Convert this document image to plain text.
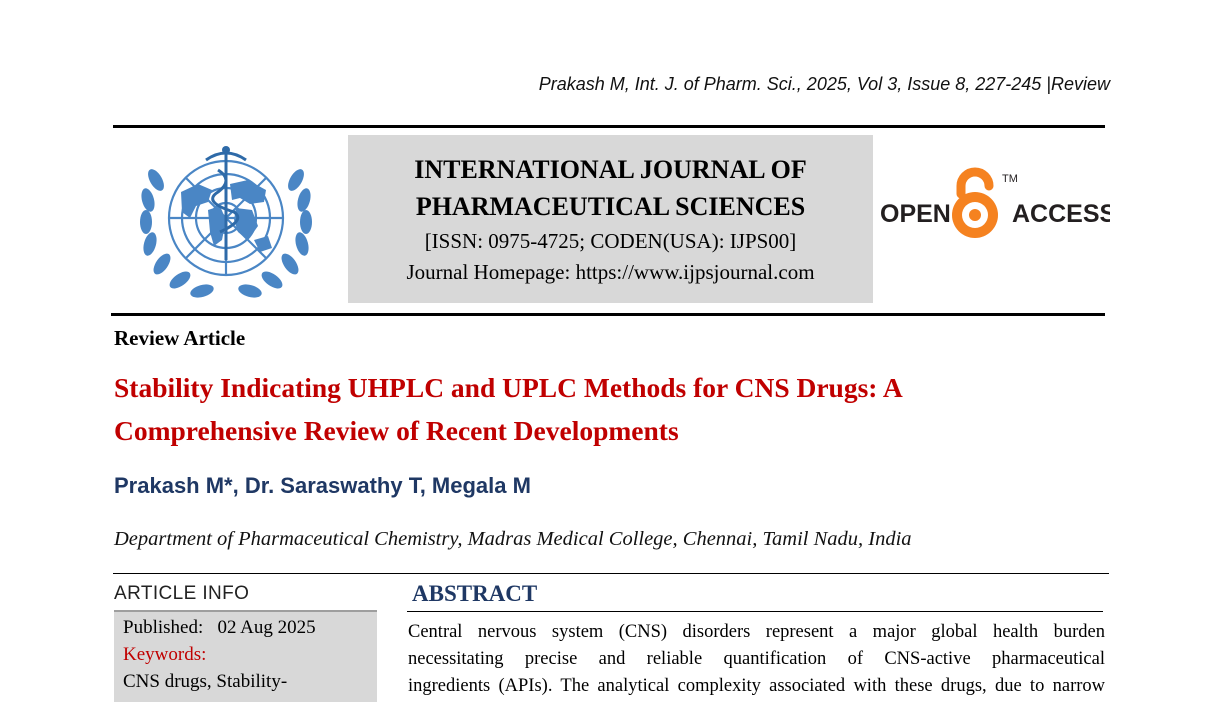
Prakash M, Int. J. of Pharm. Sci., 2025, Vol 3, Issue 8, 227-245 |Review
INTERNATIONAL JOURNAL OF
PHARMACEUTICAL SCIENCES
[ISSN: 0975-4725; CODEN(USA): IJPS00]
Journal Homepage: https://www.ijpsjournal.com
OPEN
TM
ACCESS
Review Article
Stability Indicating UHPLC and UPLC Methods for CNS Drugs: A
Comprehensive Review of Recent Developments
Prakash M*, Dr. Saraswathy T, Megala M
Department of Pharmaceutical Chemistry, Madras Medical College, Chennai, Tamil Nadu, India
ARTICLE INFO
Published: 02 Aug 2025
Keywords:
CNS drugs, Stability-
ABSTRACT
Central nervous system (CNS) disorders represent a major global health burden
necessitating precise and reliable quantification of CNS-active pharmaceutical
ingredients (APIs). The analytical complexity associated with these drugs, due to narrow
